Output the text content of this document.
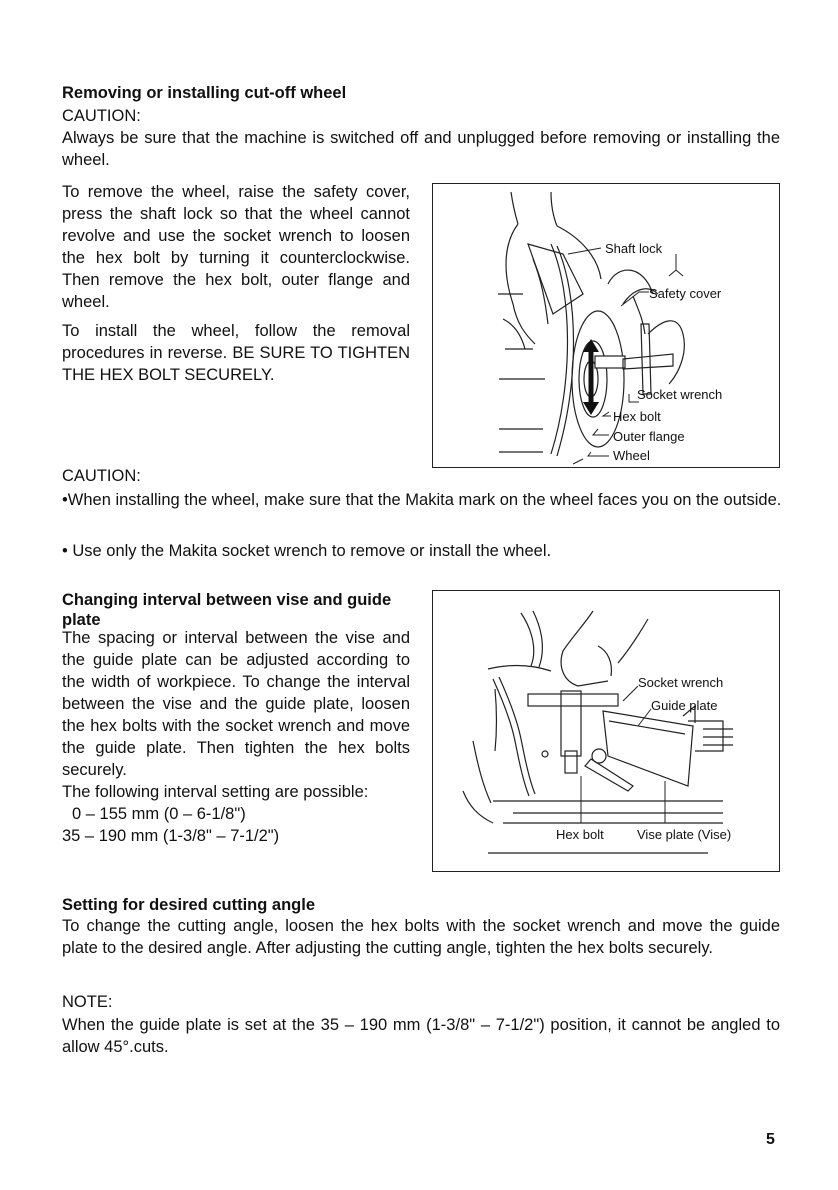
Removing or installing cut-off wheel
CAUTION:
Always be sure that the machine is switched off and unplugged before removing or installing the wheel.
To remove the wheel, raise the safety cover, press the shaft lock so that the wheel cannot revolve and use the socket wrench to loosen the hex bolt by turning it counterclockwise. Then remove the hex bolt, outer flange and wheel.
To install the wheel, follow the removal procedures in reverse. BE SURE TO TIGHTEN THE HEX BOLT SECURELY.
Shaft lock
Safety cover
Socket wrench
Hex bolt
Outer flange
Wheel
CAUTION:
•When installing the wheel, make sure that the Makita mark on the wheel faces you on the outside.
• Use only the Makita socket wrench to remove or install the wheel.
Changing interval between vise and guide plate
The spacing or interval between the vise and the guide plate can be adjusted according to the width of workpiece. To change the interval between the vise and the guide plate, loosen the hex bolts with the socket wrench and move the guide plate. Then tighten the hex bolts securely.
The following interval setting are possible:
0 – 155 mm (0 – 6-1/8")
35 – 190 mm (1-3/8" – 7-1/2")
Socket wrench
Guide plate
Hex bolt	Vise plate (Vise)
Setting for desired cutting angle
To change the cutting angle, loosen the hex bolts with the socket wrench and move the guide plate to the desired angle. After adjusting the cutting angle, tighten the hex bolts securely.
NOTE:
When the guide plate is set at the 35 – 190 mm (1-3/8" – 7-1/2") position, it cannot be angled to allow 45°.cuts.
5
